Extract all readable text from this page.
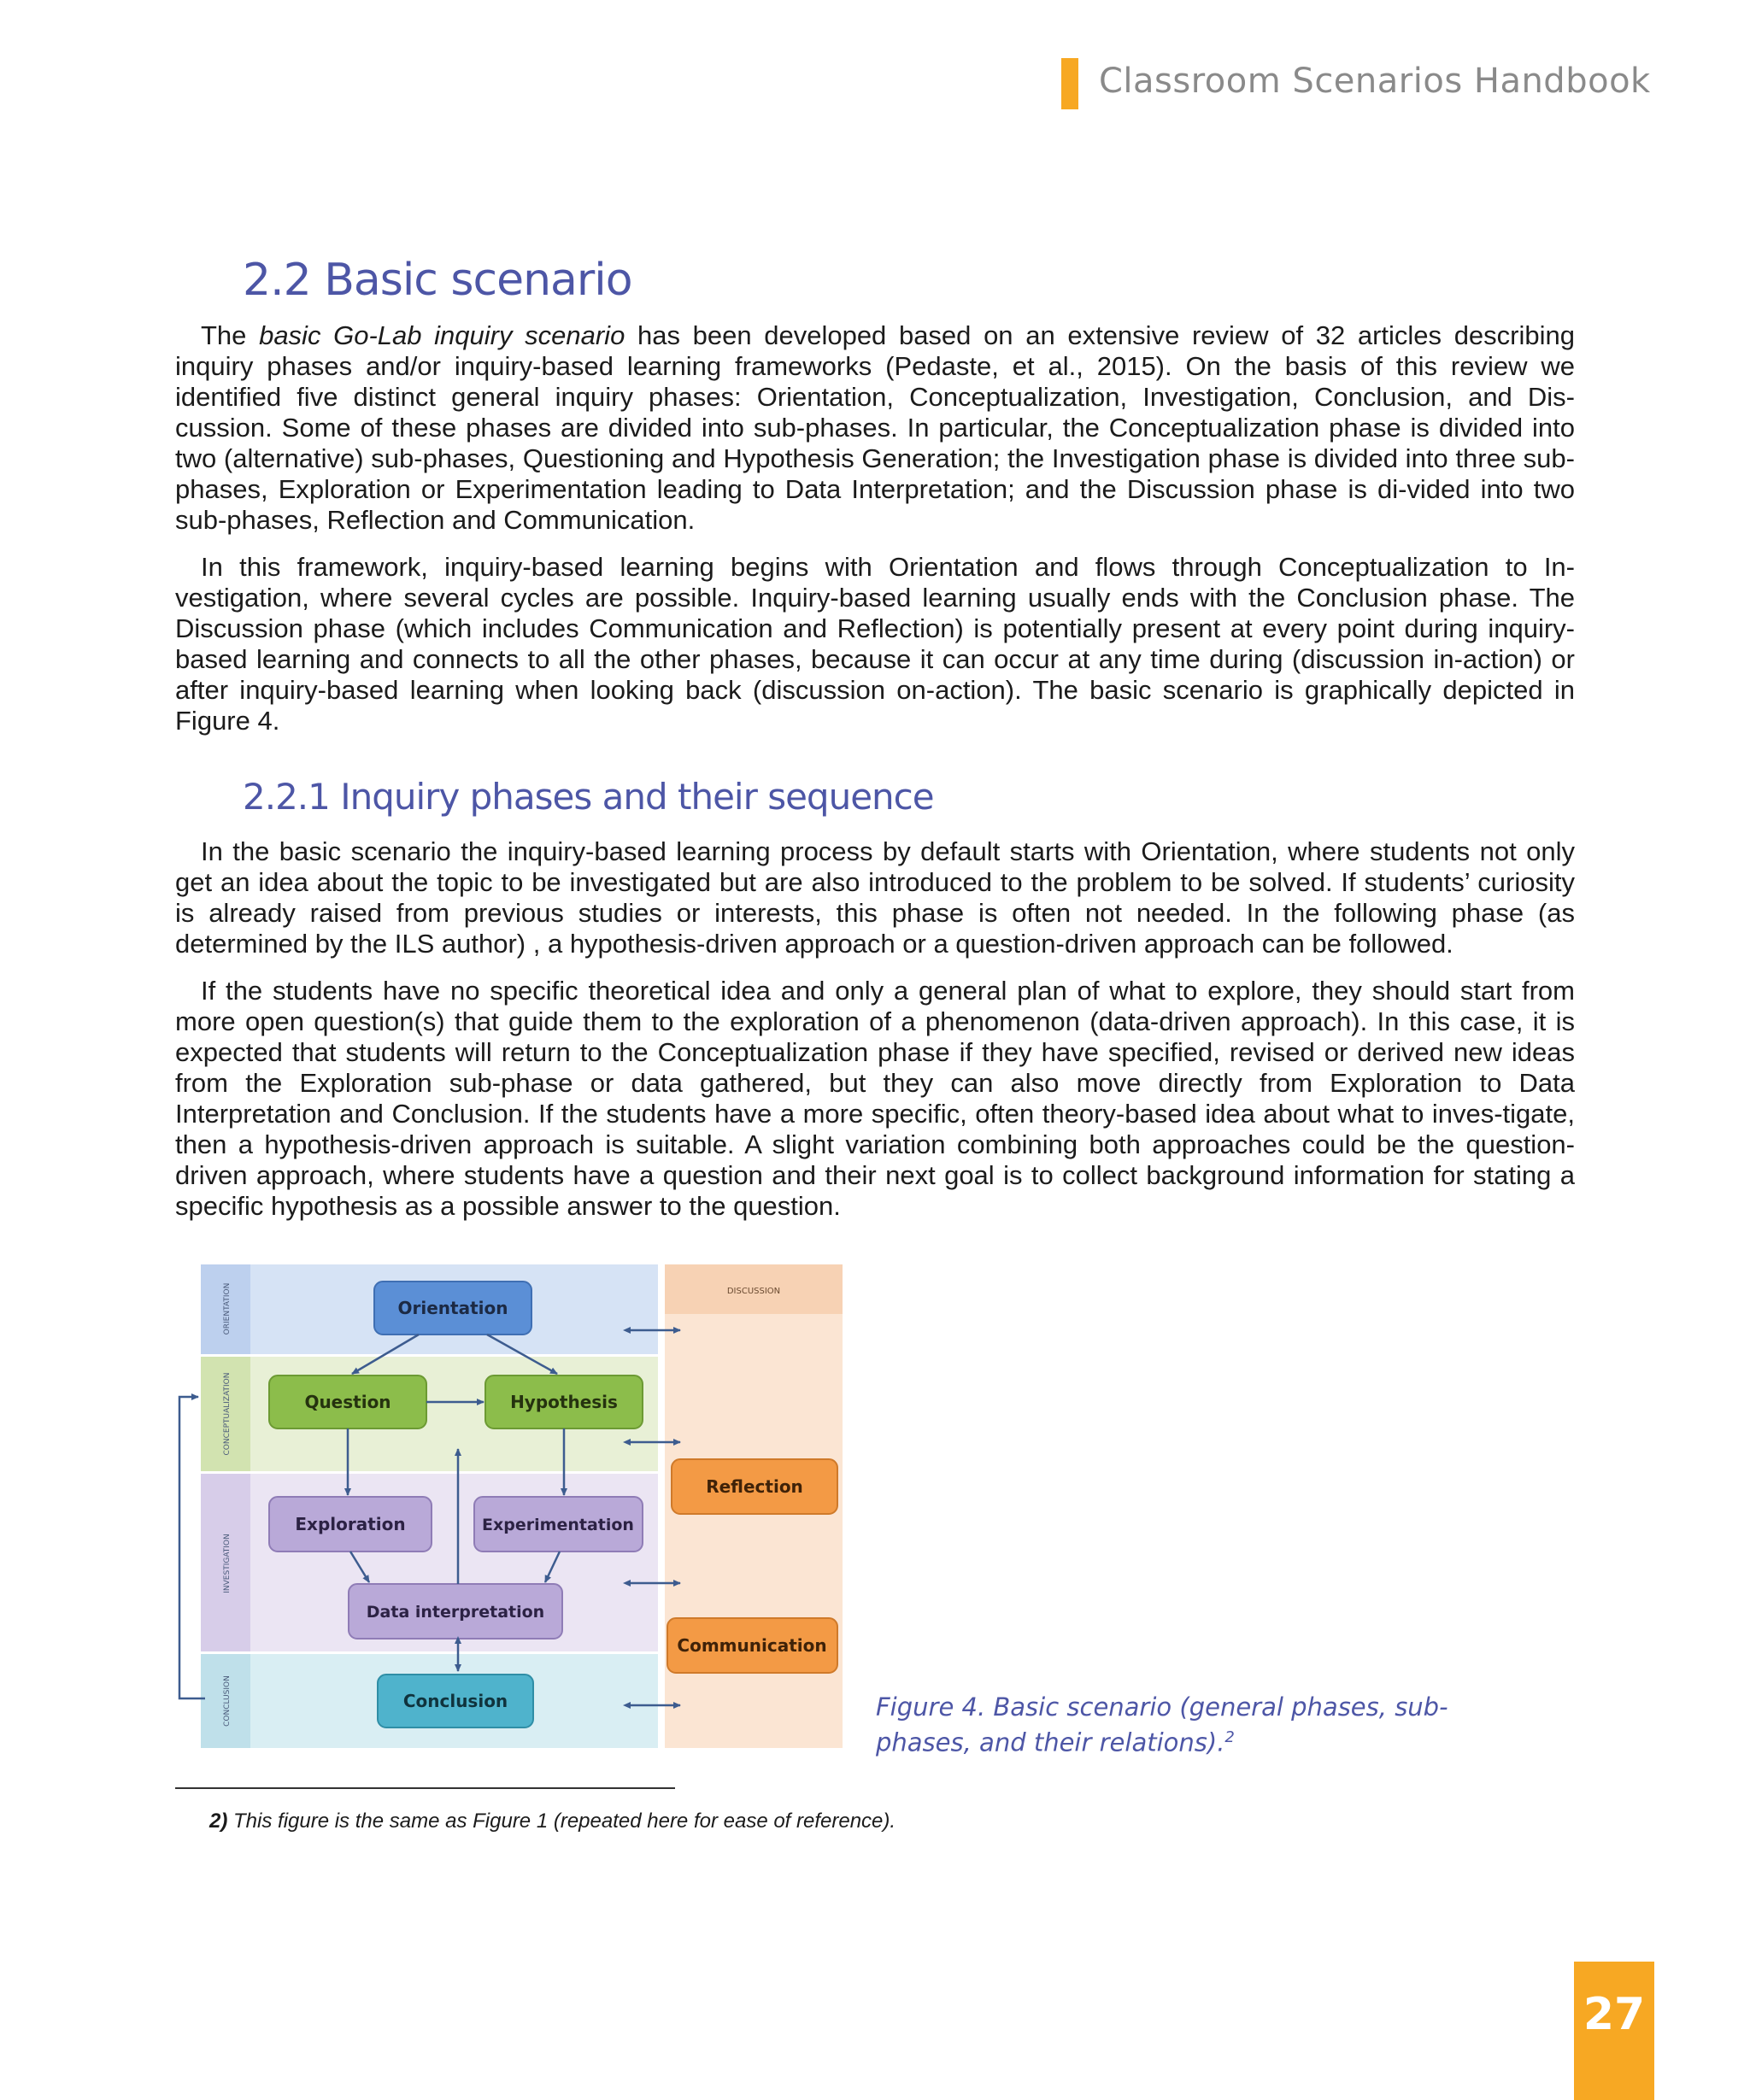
Classroom Scenarios Handbook
2.2 Basic scenario

The basic Go-Lab inquiry scenario has been developed based on an extensive review of 32 articles describing inquiry phases and/or inquiry-based learning frameworks (Pedaste, et al., 2015). On the basis of this review we identified five distinct general inquiry phases: Orientation, Conceptualization, Investigation, Conclusion, and Dis-cussion. Some of these phases are divided into sub-phases. In particular, the Conceptualization phase is divided into two (alternative) sub-phases, Questioning and Hypothesis Generation; the Investigation phase is divided into three sub-phases, Exploration or Experimentation leading to Data Interpretation; and the Discussion phase is di-vided into two sub-phases, Reflection and Communication.

In this framework, inquiry-based learning begins with Orientation and flows through Conceptualization to In-vestigation, where several cycles are possible. Inquiry-based learning usually ends with the Conclusion phase. The Discussion phase (which includes Communication and Reflection) is potentially present at every point during inquiry-based learning and connects to all the other phases, because it can occur at any time during (discussion in-action) or after inquiry-based learning when looking back (discussion on-action). The basic scenario is graphically depicted in Figure 4.

2.2.1 Inquiry phases and their sequence

In the basic scenario the inquiry-based learning process by default starts with Orientation, where students not only get an idea about the topic to be investigated but are also introduced to the problem to be solved. If students’ curiosity is already raised from previous studies or interests, this phase is often not needed. In the following phase (as determined by the ILS author) , a hypothesis-driven approach or a question-driven approach can be followed.

If the students have no specific theoretical idea and only a general plan of what to explore, they should start from more open question(s) that guide them to the exploration of a phenomenon (data-driven approach). In this case, it is expected that students will return to the Conceptualization phase if they have specified, revised or derived new ideas from the Exploration sub-phase or data gathered, but they can also move directly from Exploration to Data Interpretation and Conclusion. If the students have a more specific, often theory-based idea about what to inves-tigate, then a hypothesis-driven approach is suitable. A slight variation combining both approaches could be the question-driven approach, where students have a question and their next goal is to collect background information for stating a specific hypothesis as a possible answer to the question.

ORIENTATION
CONCEPTUALIZATION
INVESTIGATION
CONCLUSION
DISCUSSION
Orientation
Question	Hypothesis
Exploration	Experimentation
Data interpretation
Conclusion
Reflection
Communication
Figure 4. Basic scenario (general phases, sub-phases, and their relations).$^2$
2) This figure is the same as Figure 1 (repeated here for ease of reference).
27
